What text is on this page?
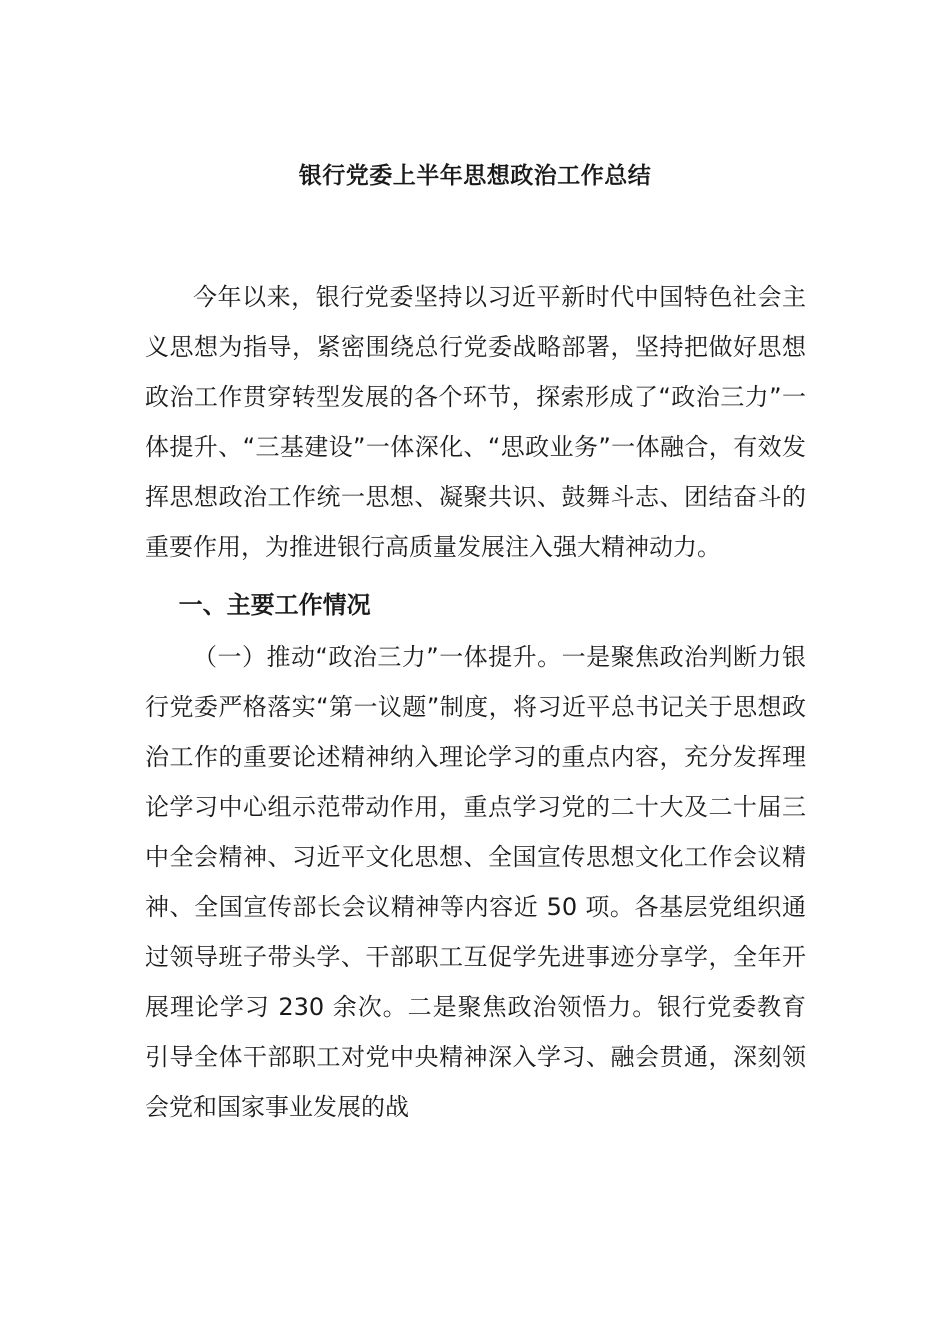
银行党委上半年思想政治工作总结

今年以来，银行党委坚持以习近平新时代中国特色社会主义思想为指导，紧密围绕总行党委战略部署，坚持把做好思想政治工作贯穿转型发展的各个环节，探索形成了“政治三力”一体提升、“三基建设”一体深化、“思政业务”一体融合，有效发挥思想政治工作统一思想、凝聚共识、鼓舞斗志、团结奋斗的重要作用，为推进银行高质量发展注入强大精神动力。

一、主要工作情况

（一）推动“政治三力”一体提升。一是聚焦政治判断力银行党委严格落实“第一议题”制度，将习近平总书记关于思想政治工作的重要论述精神纳入理论学习的重点内容，充分发挥理论学习中心组示范带动作用，重点学习党的二十大及二十届三中全会精神、习近平文化思想、全国宣传思想文化工作会议精神、全国宣传部长会议精神等内容近 50 项。各基层党组织通过领导班子带头学、干部职工互促学先进事迹分享学，全年开展理论学习 230 余次。二是聚焦政治领悟力。银行党委教育引导全体干部职工对党中央精神深入学习、融会贯通，深刻领会党和国家事业发展的战
